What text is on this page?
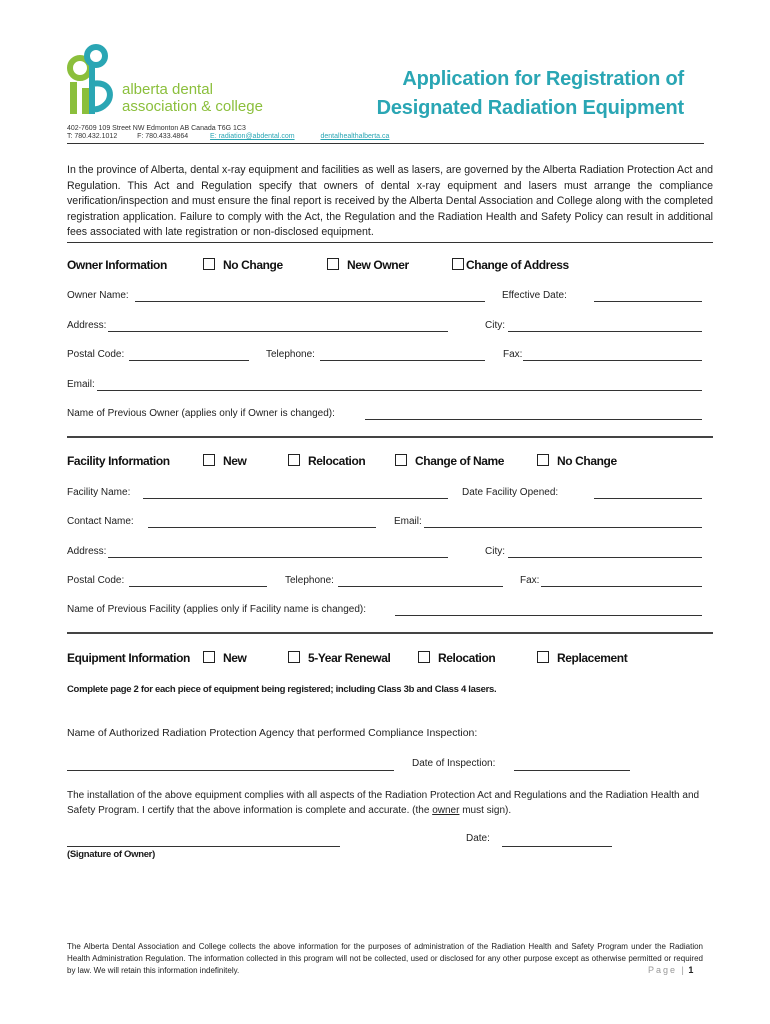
alberta dental
association & college
Application for Registration of
Designated Radiation Equipment
402-7609 109 Street NW Edmonton AB Canada T6G 1C3
T: 780.432.1012	F: 780.433.4864	E: radiation@abdental.com	dentalhealthalberta.ca
In the province of Alberta, dental x-ray equipment and facilities as well as lasers, are governed by the Alberta Radiation Protection Act and Regulation. This Act and Regulation specify that owners of dental x-ray equipment and lasers must arrange the compliance verification/inspection and must ensure the final report is received by the Alberta Dental Association and College along with the completed registration application. Failure to comply with the Act, the Regulation and the Radiation Health and Safety Policy can result in additional fees associated with late registration or non-disclosed equipment.
Owner Information	No Change	New Owner	Change of Address
Owner Name:	Effective Date:
Address:	City:
Postal Code:	Telephone:	Fax:
Email:
Name of Previous Owner (applies only if Owner is changed):
Facility Information	New	Relocation	Change of Name	No Change
Facility Name:	Date Facility Opened:
Contact Name:	Email:
Address:	City:
Postal Code:	Telephone:	Fax:
Name of Previous Facility (applies only if Facility name is changed):
Equipment Information	New	5-Year Renewal	Relocation	Replacement
Complete page 2 for each piece of equipment being registered; including Class 3b and Class 4 lasers.
Name of Authorized Radiation Protection Agency that performed Compliance Inspection:
Date of Inspection:
The installation of the above equipment complies with all aspects of the Radiation Protection Act and Regulations and the Radiation Health and Safety Program. I certify that the above information is complete and accurate. (the owner must sign).
Date:
(Signature of Owner)
The Alberta Dental Association and College collects the above information for the purposes of administration of the Radiation Health and Safety Program under the Radiation Health Administration Regulation. The information collected in this program will not be collected, used or disclosed for any other purpose except as otherwise permitted or required by law. We will retain this information indefinitely.	Page | 1
